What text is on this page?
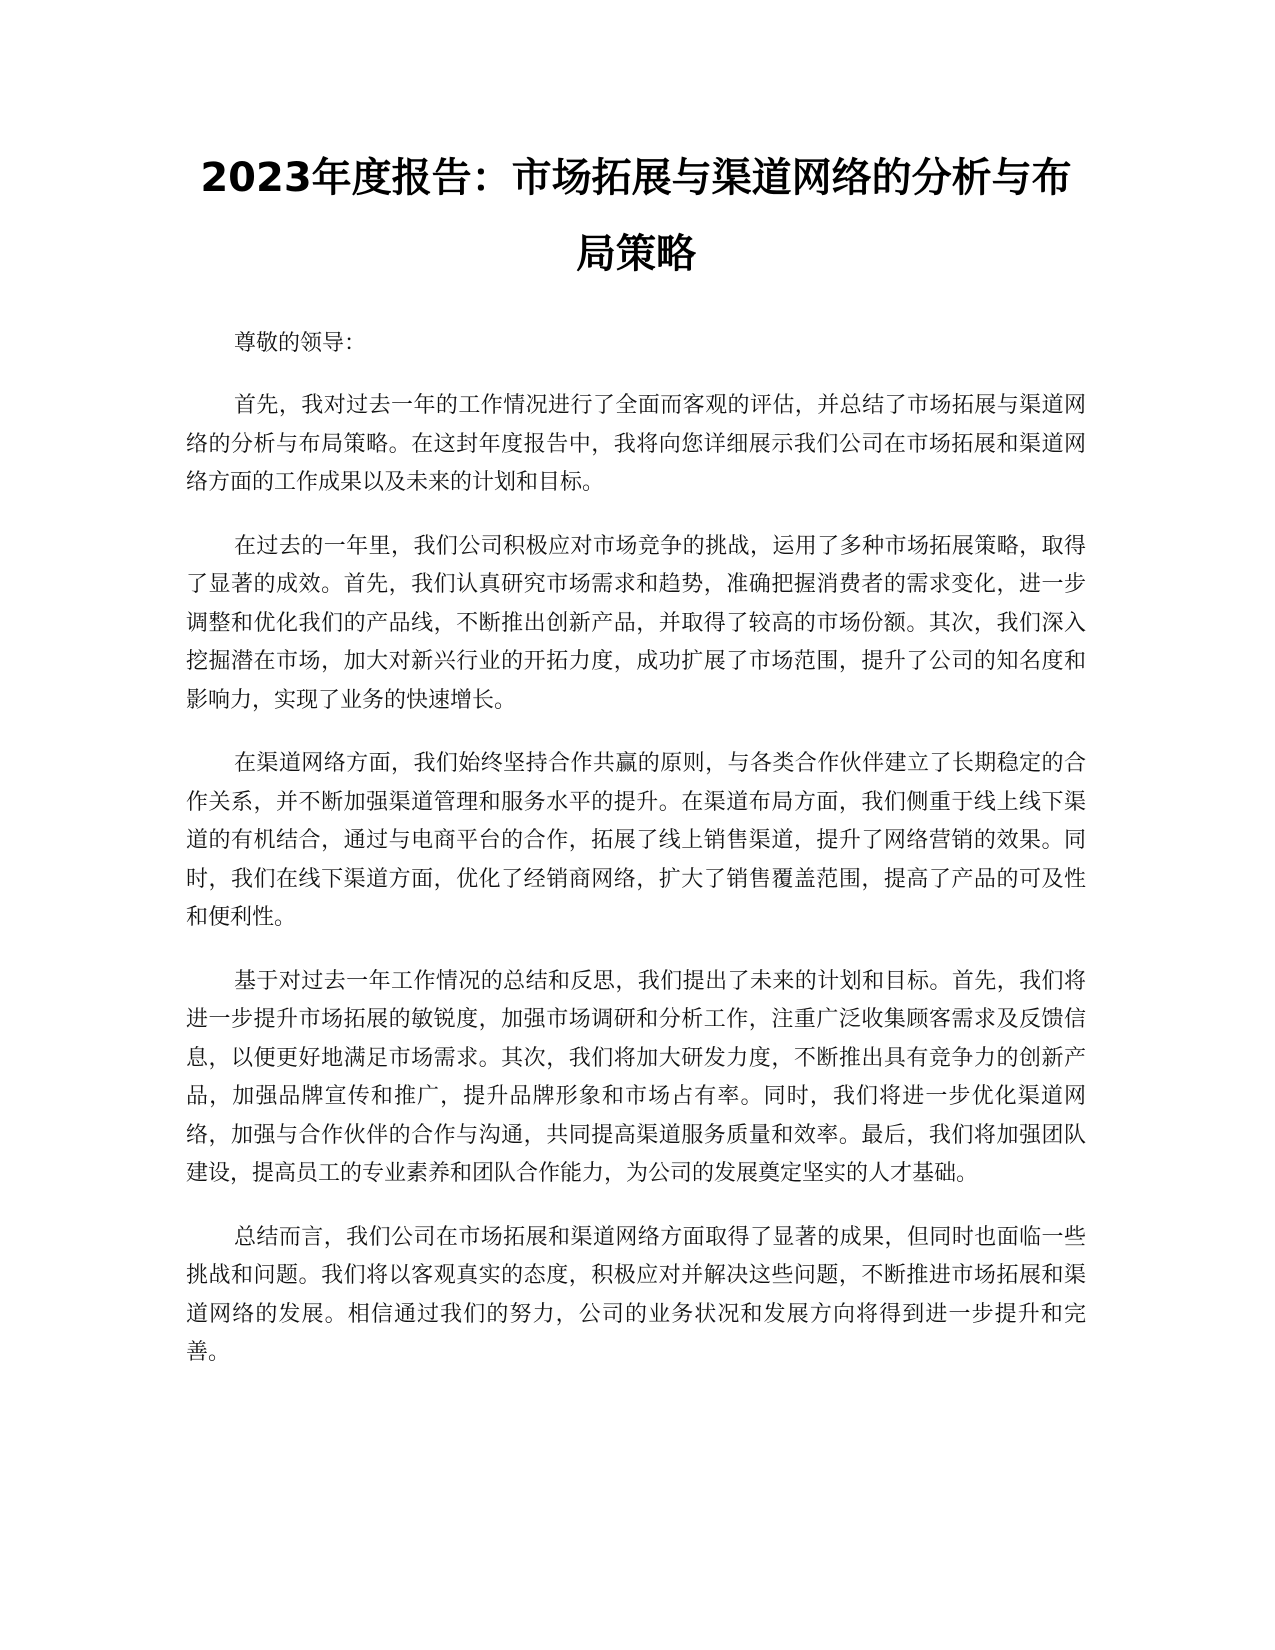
2023年度报告：市场拓展与渠道网络的分析与布局策略

尊敬的领导：

首先，我对过去一年的工作情况进行了全面而客观的评估，并总结了市场拓展与渠道网络的分析与布局策略。在这封年度报告中，我将向您详细展示我们公司在市场拓展和渠道网络方面的工作成果以及未来的计划和目标。

在过去的一年里，我们公司积极应对市场竞争的挑战，运用了多种市场拓展策略，取得了显著的成效。首先，我们认真研究市场需求和趋势，准确把握消费者的需求变化，进一步调整和优化我们的产品线，不断推出创新产品，并取得了较高的市场份额。其次，我们深入挖掘潜在市场，加大对新兴行业的开拓力度，成功扩展了市场范围，提升了公司的知名度和影响力，实现了业务的快速增长。

在渠道网络方面，我们始终坚持合作共赢的原则，与各类合作伙伴建立了长期稳定的合作关系，并不断加强渠道管理和服务水平的提升。在渠道布局方面，我们侧重于线上线下渠道的有机结合，通过与电商平台的合作，拓展了线上销售渠道，提升了网络营销的效果。同时，我们在线下渠道方面，优化了经销商网络，扩大了销售覆盖范围，提高了产品的可及性和便利性。

基于对过去一年工作情况的总结和反思，我们提出了未来的计划和目标。首先，我们将进一步提升市场拓展的敏锐度，加强市场调研和分析工作，注重广泛收集顾客需求及反馈信息，以便更好地满足市场需求。其次，我们将加大研发力度，不断推出具有竞争力的创新产品，加强品牌宣传和推广，提升品牌形象和市场占有率。同时，我们将进一步优化渠道网络，加强与合作伙伴的合作与沟通，共同提高渠道服务质量和效率。最后，我们将加强团队建设，提高员工的专业素养和团队合作能力，为公司的发展奠定坚实的人才基础。

总结而言，我们公司在市场拓展和渠道网络方面取得了显著的成果，但同时也面临一些挑战和问题。我们将以客观真实的态度，积极应对并解决这些问题，不断推进市场拓展和渠道网络的发展。相信通过我们的努力，公司的业务状况和发展方向将得到进一步提升和完善。
